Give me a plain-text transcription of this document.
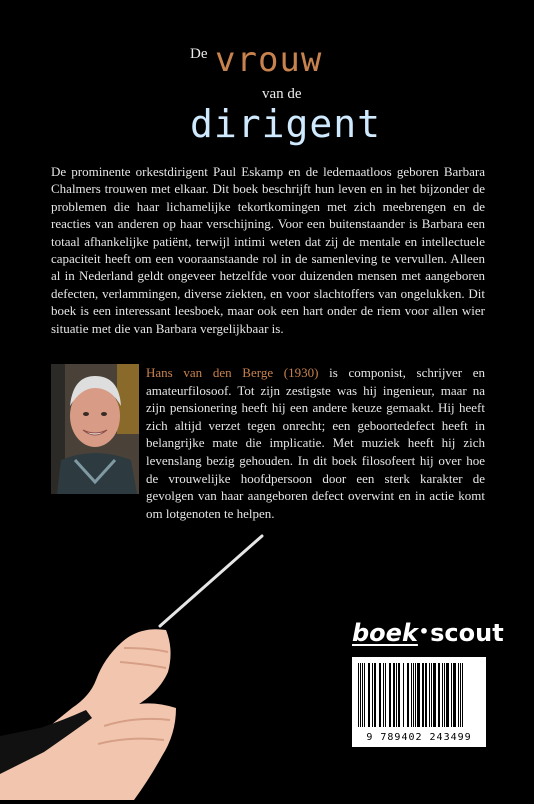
De vrouw
van de
dirigent

De prominente orkestdirigent Paul Eskamp en de ledemaatloos geboren Barbara Chalmers trouwen met elkaar. Dit boek beschrijft hun leven en in het bijzonder de problemen die haar lichamelijke tekortkomingen met zich meebrengen en de reacties van anderen op haar verschijning. Voor een buitenstaander is Barbara een totaal afhankelijke patiënt, terwijl intimi weten dat zij de mentale en intellectuele capaciteit heeft om een vooraanstaande rol in de samenleving te vervullen. Alleen al in Nederland geldt ongeveer hetzelfde voor duizenden mensen met aangeboren defecten, verlammingen, diverse ziekten, en voor slachtoffers van ongelukken. Dit boek is een interessant leesboek, maar ook een hart onder de riem voor allen wier situatie met die van Barbara vergelijkbaar is.

Hans van den Berge (1930) is componist, schrijver en amateurfilosoof. Tot zijn zestigste was hij ingenieur, maar na zijn pensionering heeft hij een andere keuze gemaakt. Hij heeft zich altijd verzet tegen onrecht; een geboortedefect heeft in belangrijke mate die implicatie. Met muziek heeft hij zich levenslang bezig gehouden. In dit boek filosofeert hij over hoe de vrouwelijke hoofdpersoon door een sterk karakter de gevolgen van haar aangeboren defect overwint en in actie komt om lotgenoten te helpen.

boek•scout
9 789402 243499
